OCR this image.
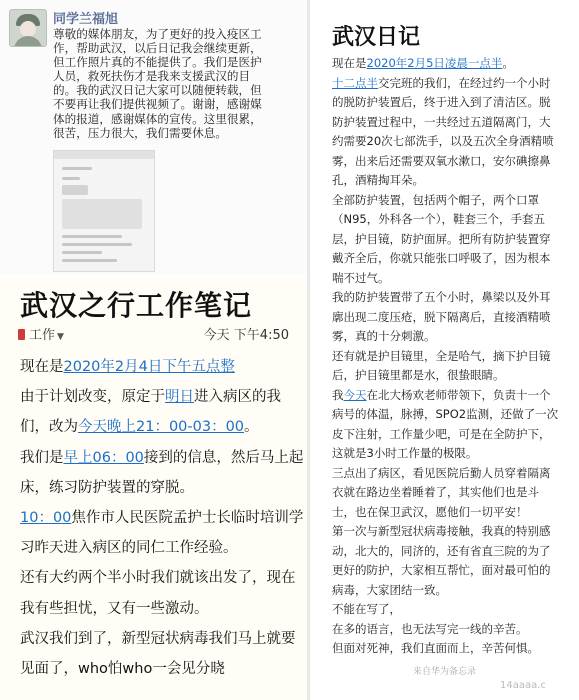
同学兰福旭
尊敬的媒体朋友，为了更好的投入疫区工
作，帮助武汉，以后日记我会继续更新，
但工作照片真的不能提供了。我们是医护
人员，救死扶伤才是我来支援武汉的目
的。我的武汉日记大家可以随便转载，但
不要再让我们提供视频了。谢谢，感谢媒
体的报道，感谢媒体的宣传。这里很累，
很苦，压力很大，我们需要休息。
武汉之行工作笔记
工作 ▼	今天 下午4:50
现在是2020年2月4日下午五点整
由于计划改变，原定于明日进入病区的我
们，改为今天晚上21：00-03：00。
我们是早上06：00接到的信息，然后马上起
床，练习防护装置的穿脱。
10：00焦作市人民医院孟护士长临时培训学
习昨天进入病区的同仁工作经验。
还有大约两个半小时我们就该出发了，现在
我有些担忧，又有一些激动。
武汉我们到了，新型冠状病毒我们马上就要
见面了，who怕who一会见分晓
武汉日记
现在是2020年2月5日凌晨一点半。
十二点半交完班的我们，在经过约一个小时
的脱防护装置后，终于进入到了清洁区。脱
防护装置过程中，一共经过五道隔离门，大
约需要20次七部洗手，以及五次全身酒精喷
雾，出来后还需要双氧水漱口，安尔碘擦鼻
孔，酒精掏耳朵。
全部防护装置，包括两个帽子，两个口罩
（N95，外科各一个），鞋套三个，手套五
层，护目镜，防护面屏。把所有防护装置穿
戴齐全后，你就只能张口呼吸了，因为根本
喘不过气。
我的防护装置带了五个小时，鼻梁以及外耳
廓出现二度压疮，脱下隔离后，直接酒精喷
雾，真的十分刺激。
还有就是护目镜里，全是哈气，摘下护目镜
后，护目镜里都是水，很蛰眼睛。
我今天在北大杨欢老师带领下，负责十一个
病号的体温，脉搏，SPO2监测，还做了一次
皮下注射，工作量少吧，可是在全防护下，
这就是3小时工作量的极限。
三点出了病区，看见医院后勤人员穿着隔离
衣就在路边坐着睡着了，其实他们也是斗
士，也在保卫武汉，愿他们一切平安！
第一次与新型冠状病毒接触，我真的特别感
动，北大的，同济的，还有省直三院的为了
更好的防护，大家相互帮忙，面对最可怕的
病毒，大家团结一致。
不能在写了，
在多的语言，也无法写完一线的辛苦。
但面对死神，我们直面而上，辛苦何惧。
来自华为备忘录
14aaaa.c
